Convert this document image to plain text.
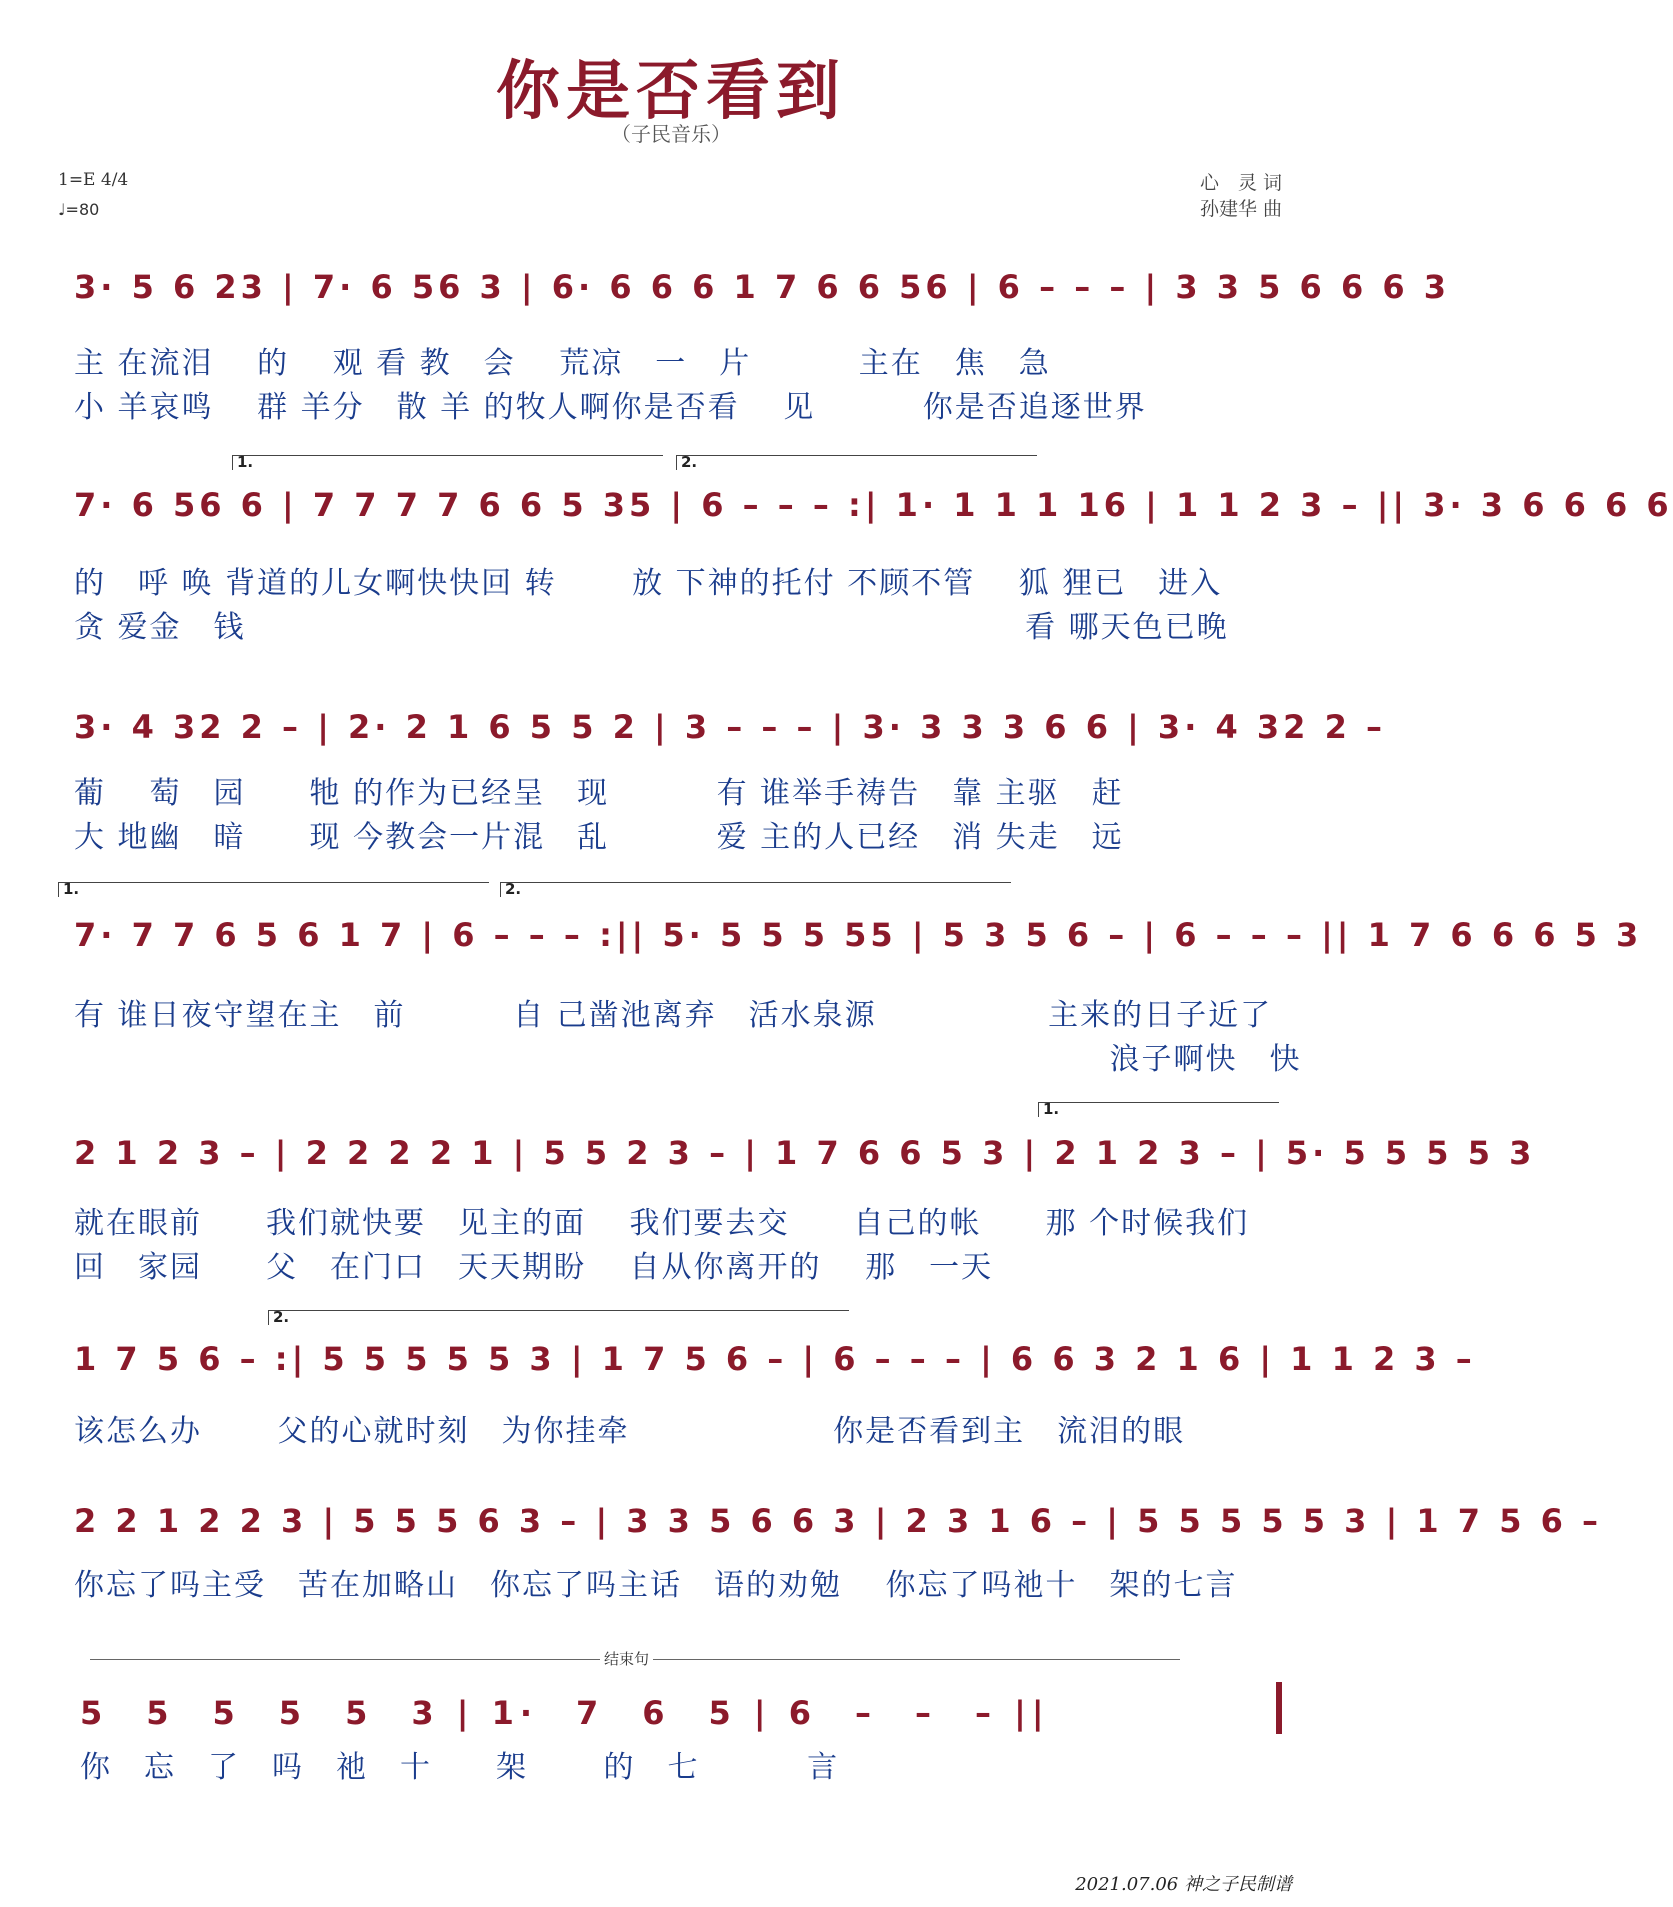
你是否看到
（子民音乐）
1=E 4/4
♩=80
心　灵 词
孙建华 曲
3· 5 6 23 | 7· 6 56 3 | 6· 6 6 6 1 7 6 6 56 | 6 – – – | 3 3 5 6 6 6 3
主 在流泪　 的　 观 看 教　会　 荒凉　一　片　　　 主在　焦　急
小 羊哀鸣　 群 羊分　散 羊 的牧人啊你是否看　 见　　　 你是否追逐世界
1.	2.
7· 6 56 6 | 7 7 7 7 6 6 5 35 | 6 – – – :| 1· 1 1 1 16 | 1 1 2 3 – || 3· 3 6 6 6 6
的　呼 唤 背道的儿女啊快快回 转　　 放 下神的托付 不顾不管　 狐 狸已　进入
贪 爱金　钱　　　　　　　　　　　　　　　　　　　　　　　　 看 哪天色已晚
3· 4 32 2 – | 2· 2 1 6 5 5 2 | 3 – – – | 3· 3 3 3 6 6 | 3· 4 32 2 –
葡　 萄　园　　牠 的作为已经呈　现　　　 有 谁举手祷告　靠 主驱　赶
大 地幽　暗　　现 今教会一片混　乱　　　 爱 主的人已经　消 失走　远
1.	2.
7· 7 7 6 5 6 1 7 | 6 – – – :|| 5· 5 5 5 55 | 5 3 5 6 – | 6 – – – || 1 7 6 6 6 5 3
有 谁日夜守望在主　前　　　 自 己凿池离弃　活水泉源　　　　　 主来的日子近了
　　　　　　　　　　　　　　　　　　　　　　　　　　　　　　　　 浪子啊快　快
1.
2 1 2 3 – | 2 2 2 2 1 | 5 5 2 3 – | 1 7 6 6 5 3 | 2 1 2 3 – | 5· 5 5 5 5 3
就在眼前　　我们就快要　见主的面　 我们要去交　　自己的帐　　那 个时候我们
回　家园　　父　在门口　天天期盼　 自从你离开的　 那　一天
2.
1 7 5 6 – :| 5 5 5 5 5 3 | 1 7 5 6 – | 6 – – – | 6 6 3 2 1 6 | 1 1 2 3 –
该怎么办　　 父的心就时刻　为你挂牵　　　　　　 你是否看到主　流泪的眼
2 2 1 2 2 3 | 5 5 5 6 3 – | 3 3 5 6 6 3 | 2 3 1 6 – | 5 5 5 5 5 3 | 1 7 5 6 –
你忘了吗主受　苦在加略山　你忘了吗主话　语的劝勉　 你忘了吗祂十　架的七言
结束句
5　5　5　5　5　3 | 1·　7　6　5 | 6　–　–　– ||
你　忘　了　吗　祂　十　　架　　 的　七　　　 言
2021.07.06 神之子民制谱
